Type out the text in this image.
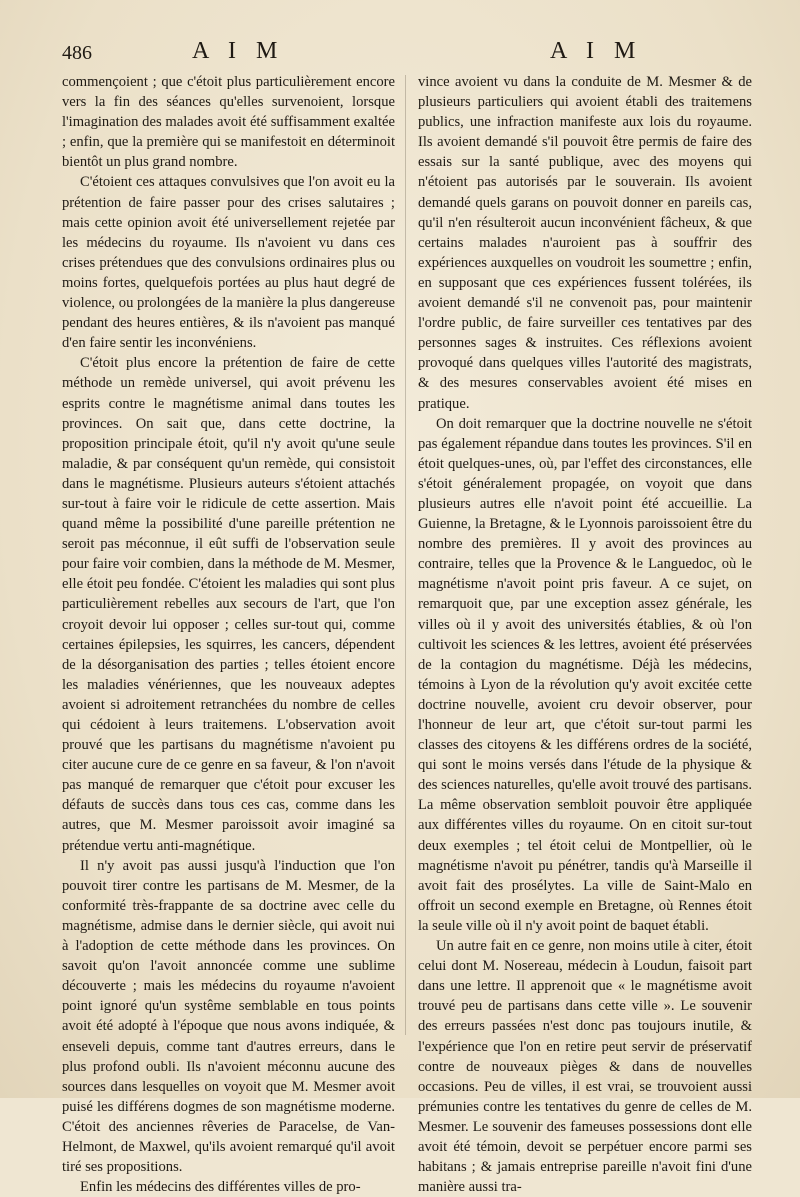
486	A I M	A I M

commençoient ; que c'étoit plus particulièrement encore vers la fin des séances qu'elles survenoient, lorsque l'imagination des malades avoit été suffisamment exaltée ; enfin, que la première qui se manifestoit en déterminoit bientôt un plus grand nombre.

C'étoient ces attaques convulsives que l'on avoit eu la prétention de faire passer pour des crises salutaires ; mais cette opinion avoit été universellement rejetée par les médecins du royaume. Ils n'avoient vu dans ces crises prétendues que des convulsions ordinaires plus ou moins fortes, quelquefois portées au plus haut degré de violence, ou prolongées de la manière la plus dangereuse pendant des heures entières, & ils n'avoient pas manqué d'en faire sentir les inconvéniens.

C'étoit plus encore la prétention de faire de cette méthode un remède universel, qui avoit prévenu les esprits contre le magnétisme animal dans toutes les provinces. On sait que, dans cette doctrine, la proposition principale étoit, qu'il n'y avoit qu'une seule maladie, & par conséquent qu'un remède, qui consistoit dans le magnétisme. Plusieurs auteurs s'étoient attachés sur-tout à faire voir le ridicule de cette assertion. Mais quand même la possibilité d'une pareille prétention ne seroit pas méconnue, il eût suffi de l'observation seule pour faire voir combien, dans la méthode de M. Mesmer, elle étoit peu fondée. C'étoient les maladies qui sont plus particulièrement rebelles aux secours de l'art, que l'on croyoit devoir lui opposer ; celles sur-tout qui, comme certaines épilepsies, les squirres, les cancers, dépendent de la désorganisation des parties ; telles étoient encore les maladies vénériennes, que les nouveaux adeptes avoient si adroitement retranchées du nombre de celles qui cédoient à leurs traitemens. L'observation avoit prouvé que les partisans du magnétisme n'avoient pu citer aucune cure de ce genre en sa faveur, & l'on n'avoit pas manqué de remarquer que c'étoit pour excuser les défauts de succès dans tous ces cas, comme dans les autres, que M. Mesmer paroissoit avoir imaginé sa prétendue vertu anti-magnétique.

Il n'y avoit pas aussi jusqu'à l'induction que l'on pouvoit tirer contre les partisans de M. Mesmer, de la conformité très-frappante de sa doctrine avec celle du magnétisme, admise dans le dernier siècle, qui avoit nui à l'adoption de cette méthode dans les provinces. On savoit qu'on l'avoit annoncée comme une sublime découverte ; mais les médecins du royaume n'avoient point ignoré qu'un systême semblable en tous points avoit été adopté à l'époque que nous avons indiquée, & enseveli depuis, comme tant d'autres erreurs, dans le plus profond oubli. Ils n'avoient méconnu aucune des sources dans lesquelles on voyoit que M. Mesmer avoit puisé les différens dogmes de son magnétisme moderne. C'étoit des anciennes rêveries de Paracelse, de Van-Helmont, de Maxwel, qu'ils avoient remarqué qu'il avoit tiré ses propositions.

Enfin les médecins des différentes villes de pro-

vince avoient vu dans la conduite de M. Mesmer & de plusieurs particuliers qui avoient établi des traitemens publics, une infraction manifeste aux lois du royaume. Ils avoient demandé s'il pouvoit être permis de faire des essais sur la santé publique, avec des moyens qui n'étoient pas autorisés par le souverain. Ils avoient demandé quels garans on pouvoit donner en pareils cas, qu'il n'en résulteroit aucun inconvénient fâcheux, & que certains malades n'auroient pas à souffrir des expériences auxquelles on voudroit les soumettre ; enfin, en supposant que ces expériences fussent tolérées, ils avoient demandé s'il ne convenoit pas, pour maintenir l'ordre public, de faire surveiller ces tentatives par des personnes sages & instruites. Ces réflexions avoient provoqué dans quelques villes l'autorité des magistrats, & des mesures conservables avoient été mises en pratique.

On doit remarquer que la doctrine nouvelle ne s'étoit pas également répandue dans toutes les provinces. S'il en étoit quelques-unes, où, par l'effet des circonstances, elle s'étoit généralement propagée, on voyoit que dans plusieurs autres elle n'avoit point été accueillie. La Guienne, la Bretagne, & le Lyonnois paroissoient être du nombre des premières. Il y avoit des provinces au contraire, telles que la Provence & le Languedoc, où le magnétisme n'avoit point pris faveur. A ce sujet, on remarquoit que, par une exception assez générale, les villes où il y avoit des universités établies, & où l'on cultivoit les sciences & les lettres, avoient été préservées de la contagion du magnétisme. Déjà les médecins, témoins à Lyon de la révolution qu'y avoit excitée cette doctrine nouvelle, avoient cru devoir observer, pour l'honneur de leur art, que c'étoit sur-tout parmi les classes des citoyens & les différens ordres de la société, qui sont le moins versés dans l'étude de la physique & des sciences naturelles, qu'elle avoit trouvé des partisans. La même observation sembloit pouvoir être appliquée aux différentes villes du royaume. On en citoit sur-tout deux exemples ; tel étoit celui de Montpellier, où le magnétisme n'avoit pu pénétrer, tandis qu'à Marseille il avoit fait des prosélytes. La ville de Saint-Malo en offroit un second exemple en Bretagne, où Rennes étoit la seule ville où il n'y avoit point de baquet établi.

Un autre fait en ce genre, non moins utile à citer, étoit celui dont M. Nosereau, médecin à Loudun, faisoit part dans une lettre. Il apprenoit que « le magnétisme avoit trouvé peu de partisans dans cette ville ». Le souvenir des erreurs passées n'est donc pas toujours inutile, & l'expérience que l'on en retire peut servir de préservatif contre de nouveaux pièges & dans de nouvelles occasions. Peu de villes, il est vrai, se trouvoient aussi prémunies contre les tentatives du genre de celles de M. Mesmer. Le souvenir des fameuses possessions dont elle avoit été témoin, devoit se perpétuer encore parmi ses habitans ; & jamais entreprise pareille n'avoit fini d'une manière aussi tra-
